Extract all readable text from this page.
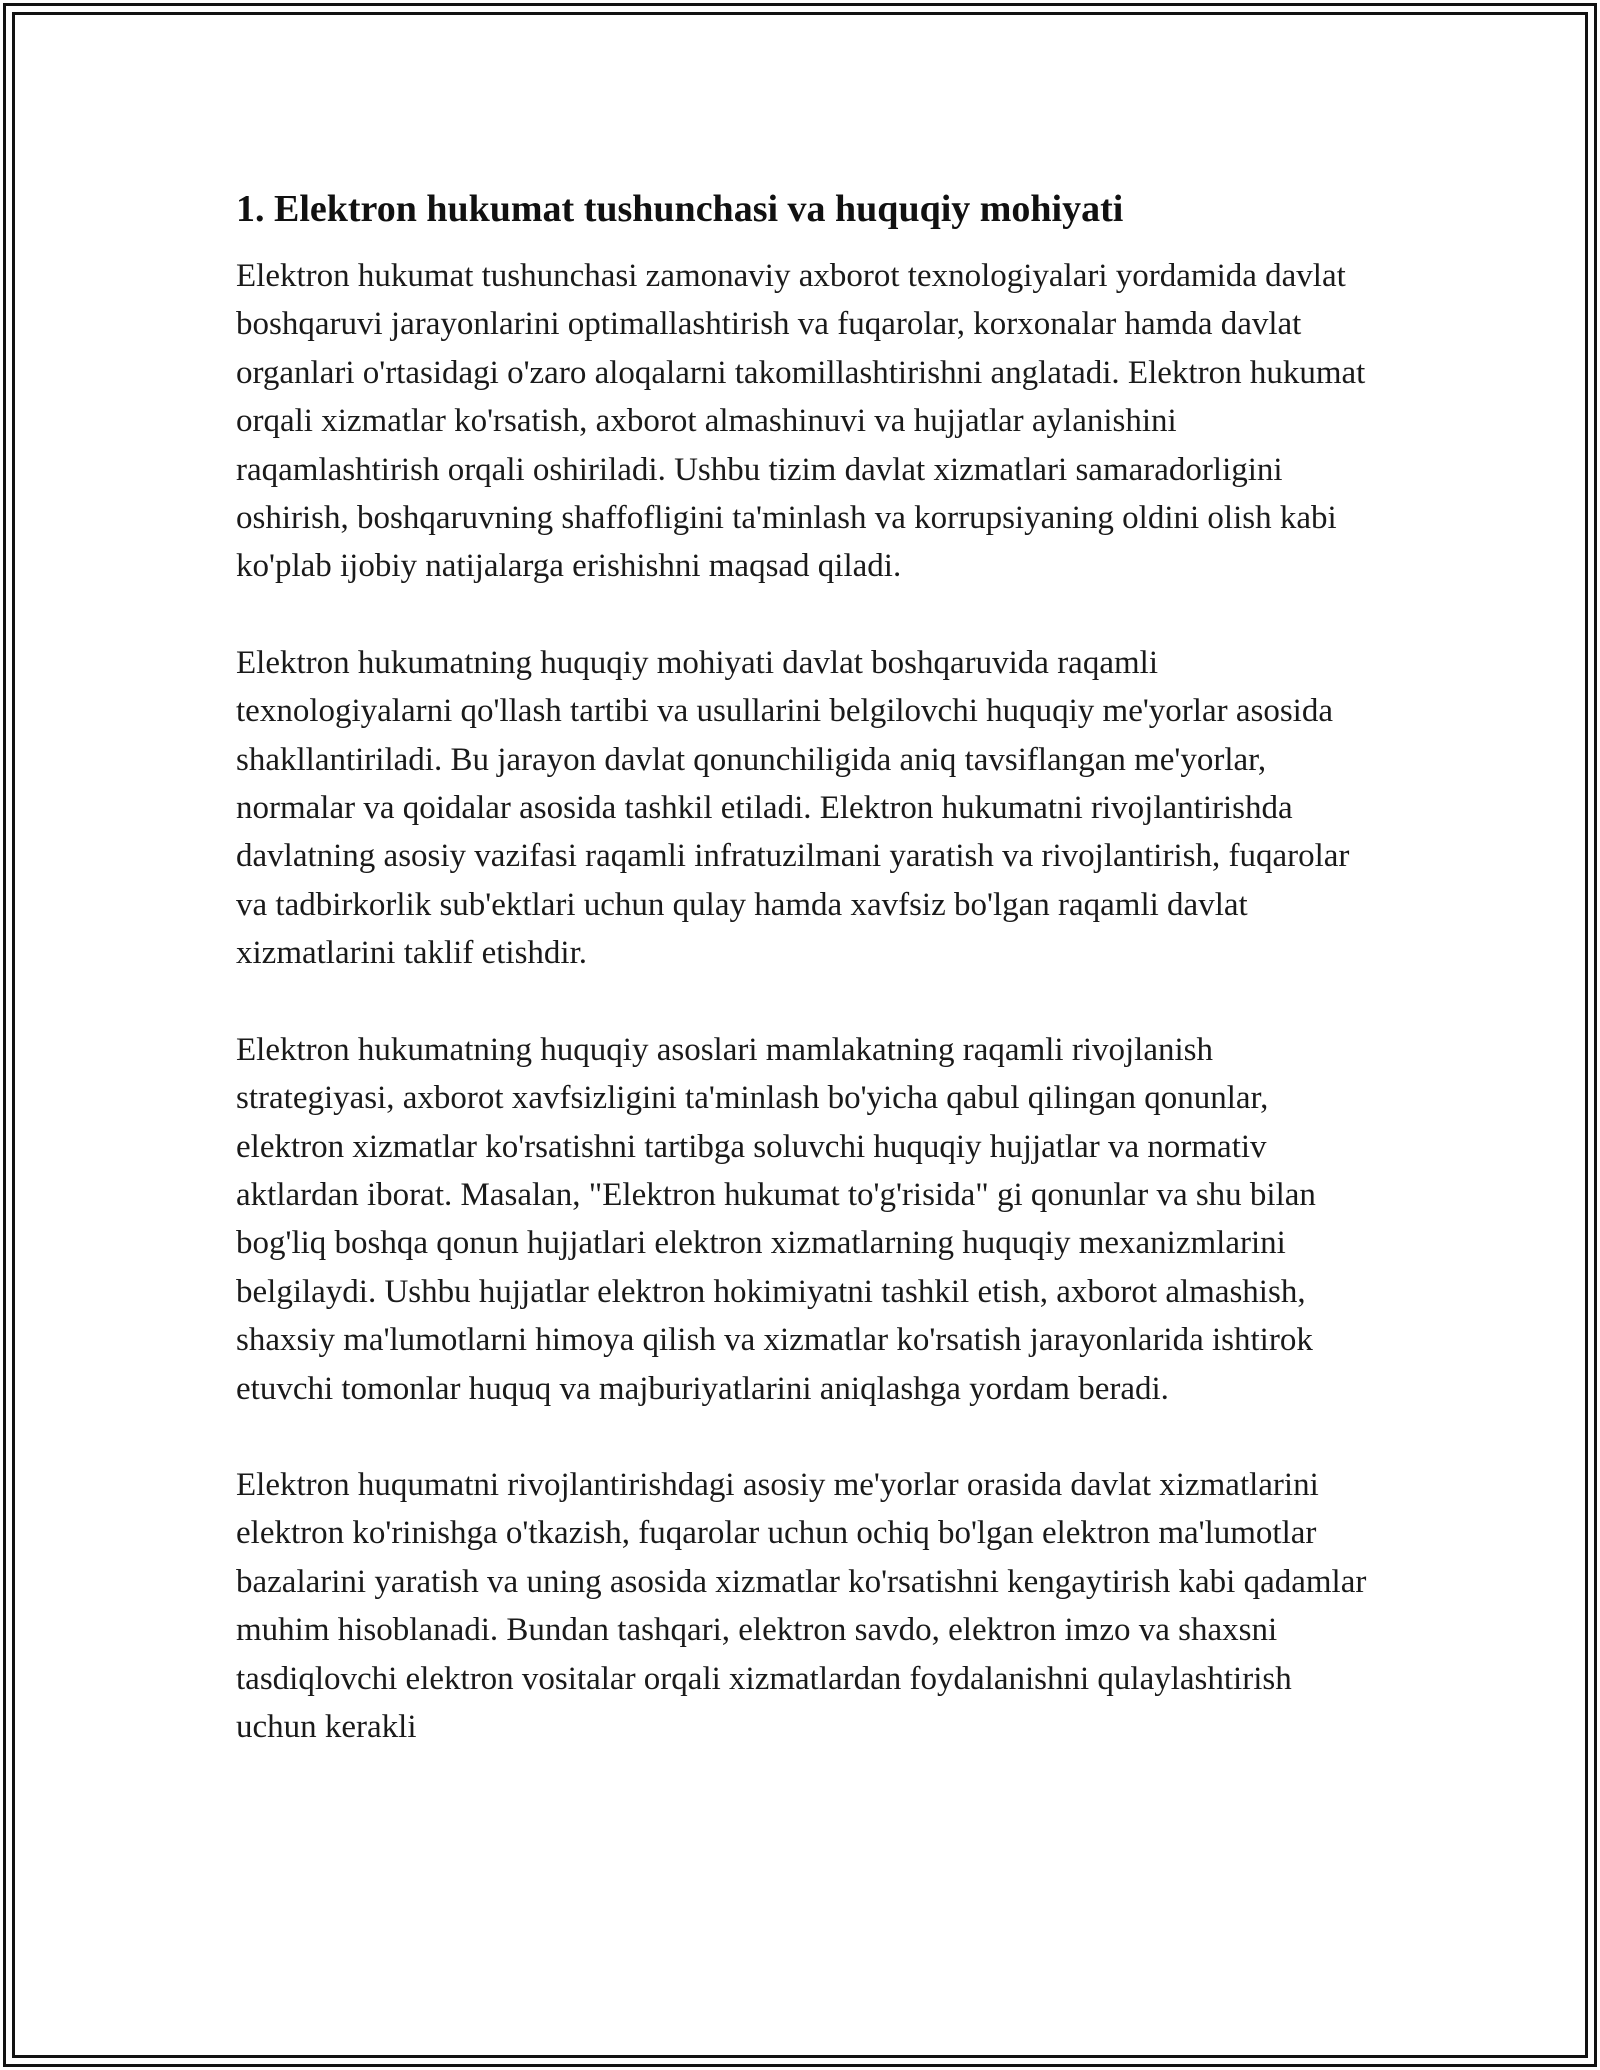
1. Elektron hukumat tushunchasi va huquqiy mohiyati

Elektron hukumat tushunchasi zamonaviy axborot texnologiyalari yordamida davlat boshqaruvi jarayonlarini optimallashtirish va fuqarolar, korxonalar hamda davlat organlari o'rtasidagi o'zaro aloqalarni takomillashtirishni anglatadi. Elektron hukumat orqali xizmatlar ko'rsatish, axborot almashinuvi va hujjatlar aylanishini raqamlashtirish orqali oshiriladi. Ushbu tizim davlat xizmatlari samaradorligini oshirish, boshqaruvning shaffofligini ta'minlash va korrupsiyaning oldini olish kabi ko'plab ijobiy natijalarga erishishni maqsad qiladi.

Elektron hukumatning huquqiy mohiyati davlat boshqaruvida raqamli texnologiyalarni qo'llash tartibi va usullarini belgilovchi huquqiy me'yorlar asosida shakllantiriladi. Bu jarayon davlat qonunchiligida aniq tavsiflangan me'yorlar, normalar va qoidalar asosida tashkil etiladi. Elektron hukumatni rivojlantirishda davlatning asosiy vazifasi raqamli infratuzilmani yaratish va rivojlantirish, fuqarolar va tadbirkorlik sub'ektlari uchun qulay hamda xavfsiz bo'lgan raqamli davlat xizmatlarini taklif etishdir.

Elektron hukumatning huquqiy asoslari mamlakatning raqamli rivojlanish strategiyasi, axborot xavfsizligini ta'minlash bo'yicha qabul qilingan qonunlar, elektron xizmatlar ko'rsatishni tartibga soluvchi huquqiy hujjatlar va normativ aktlardan iborat. Masalan, "Elektron hukumat to'g'risida" gi qonunlar va shu bilan bog'liq boshqa qonun hujjatlari elektron xizmatlarning huquqiy mexanizmlarini belgilaydi. Ushbu hujjatlar elektron hokimiyatni tashkil etish, axborot almashish, shaxsiy ma'lumotlarni himoya qilish va xizmatlar ko'rsatish jarayonlarida ishtirok etuvchi tomonlar huquq va majburiyatlarini aniqlashga yordam beradi.

Elektron huqumatni rivojlantirishdagi asosiy me'yorlar orasida davlat xizmatlarini elektron ko'rinishga o'tkazish, fuqarolar uchun ochiq bo'lgan elektron ma'lumotlar bazalarini yaratish va uning asosida xizmatlar ko'rsatishni kengaytirish kabi qadamlar muhim hisoblanadi. Bundan tashqari, elektron savdo, elektron imzo va shaxsni tasdiqlovchi elektron vositalar orqali xizmatlardan foydalanishni qulaylashtirish uchun kerakli
